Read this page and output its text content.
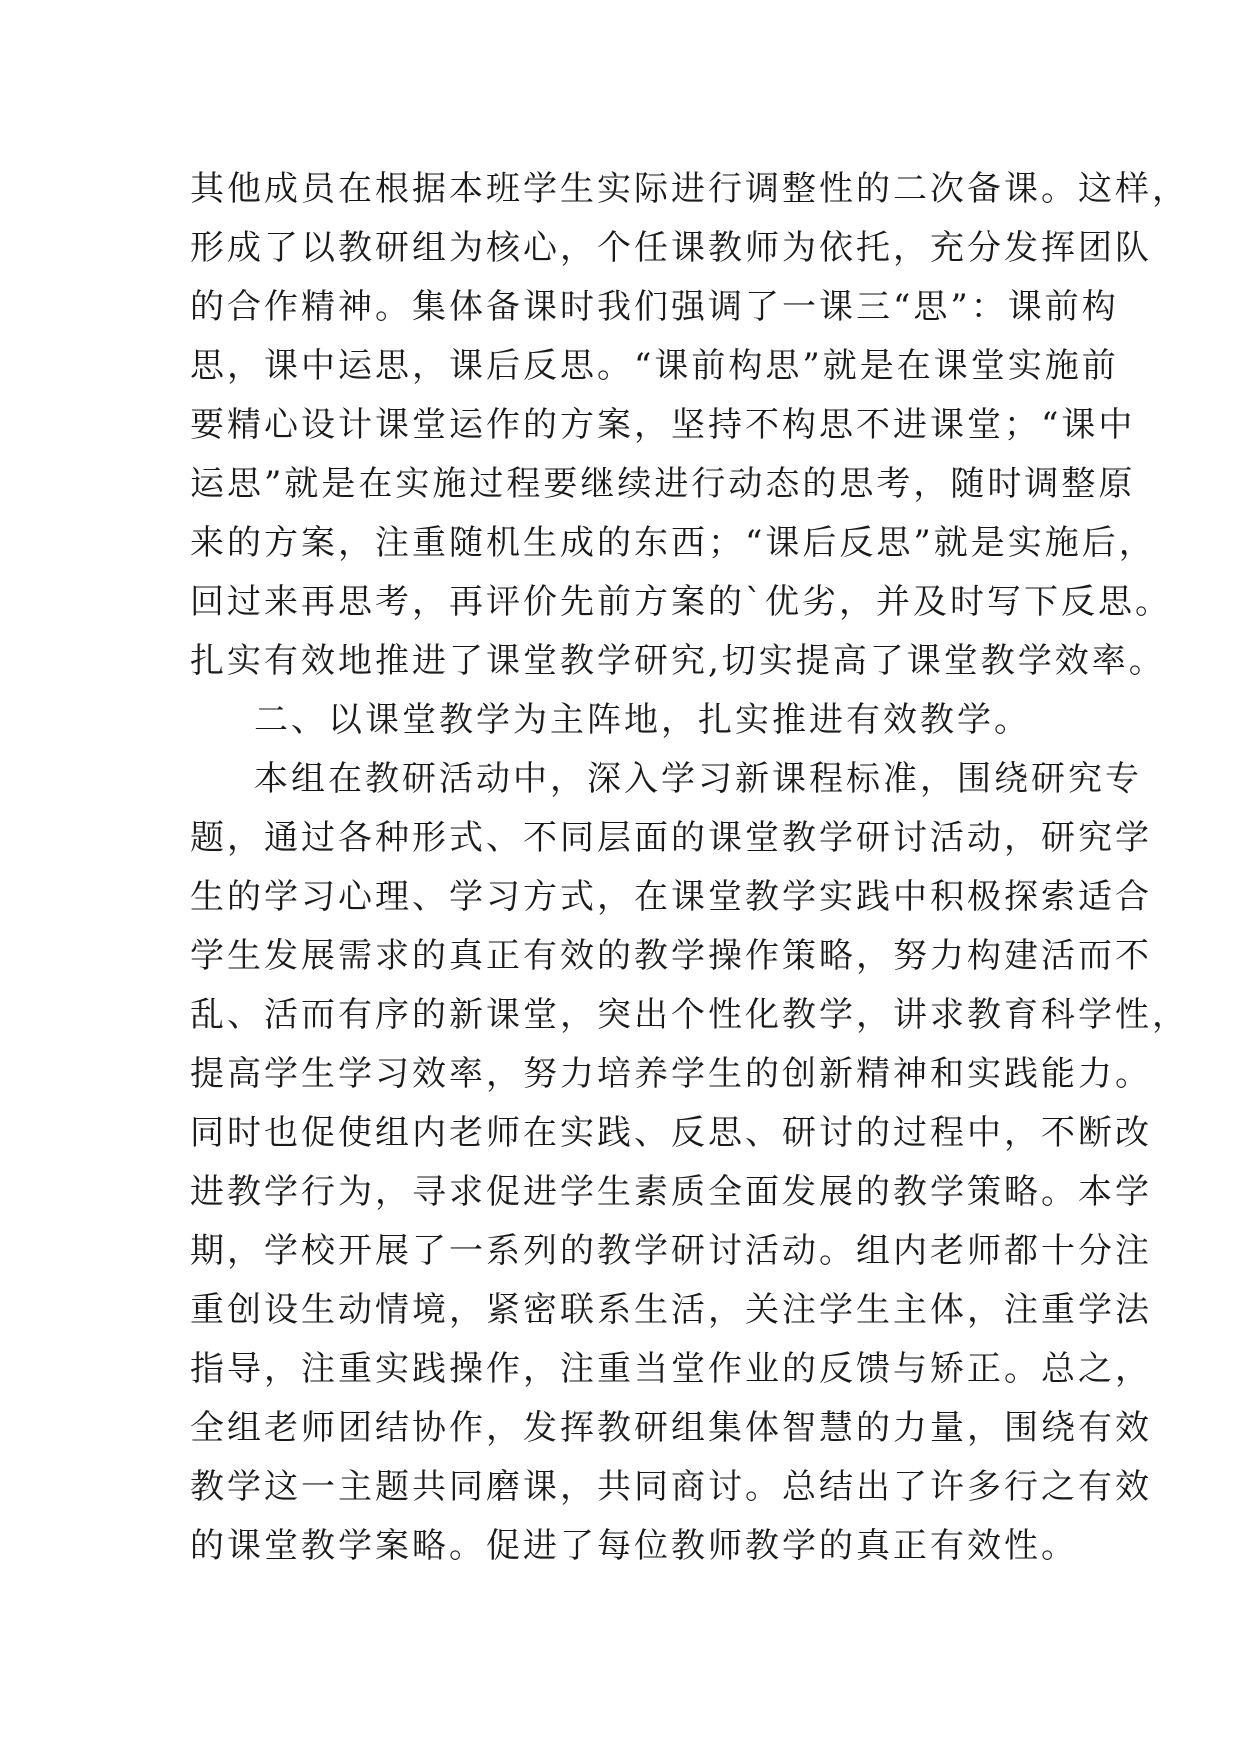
其他成员在根据本班学生实际进行调整性的二次备课。这样，
形成了以教研组为核心，个任课教师为依托，充分发挥团队
的合作精神。集体备课时我们强调了一课三“思”：课前构
思，课中运思，课后反思。“课前构思”就是在课堂实施前
要精心设计课堂运作的方案，坚持不构思不进课堂；“课中
运思”就是在实施过程要继续进行动态的思考，随时调整原
来的方案，注重随机生成的东西；“课后反思”就是实施后，
回过来再思考，再评价先前方案的`优劣，并及时写下反思。
扎实有效地推进了课堂教学研究,切实提高了课堂教学效率。
二、以课堂教学为主阵地，扎实推进有效教学。
本组在教研活动中，深入学习新课程标准，围绕研究专
题，通过各种形式、不同层面的课堂教学研讨活动，研究学
生的学习心理、学习方式，在课堂教学实践中积极探索适合
学生发展需求的真正有效的教学操作策略，努力构建活而不
乱、活而有序的新课堂，突出个性化教学，讲求教育科学性，
提高学生学习效率，努力培养学生的创新精神和实践能力。
同时也促使组内老师在实践、反思、研讨的过程中，不断改
进教学行为，寻求促进学生素质全面发展的教学策略。本学
期，学校开展了一系列的教学研讨活动。组内老师都十分注
重创设生动情境，紧密联系生活，关注学生主体，注重学法
指导，注重实践操作，注重当堂作业的反馈与矫正。总之，
全组老师团结协作，发挥教研组集体智慧的力量，围绕有效
教学这一主题共同磨课，共同商讨。总结出了许多行之有效
的课堂教学案略。促进了每位教师教学的真正有效性。
